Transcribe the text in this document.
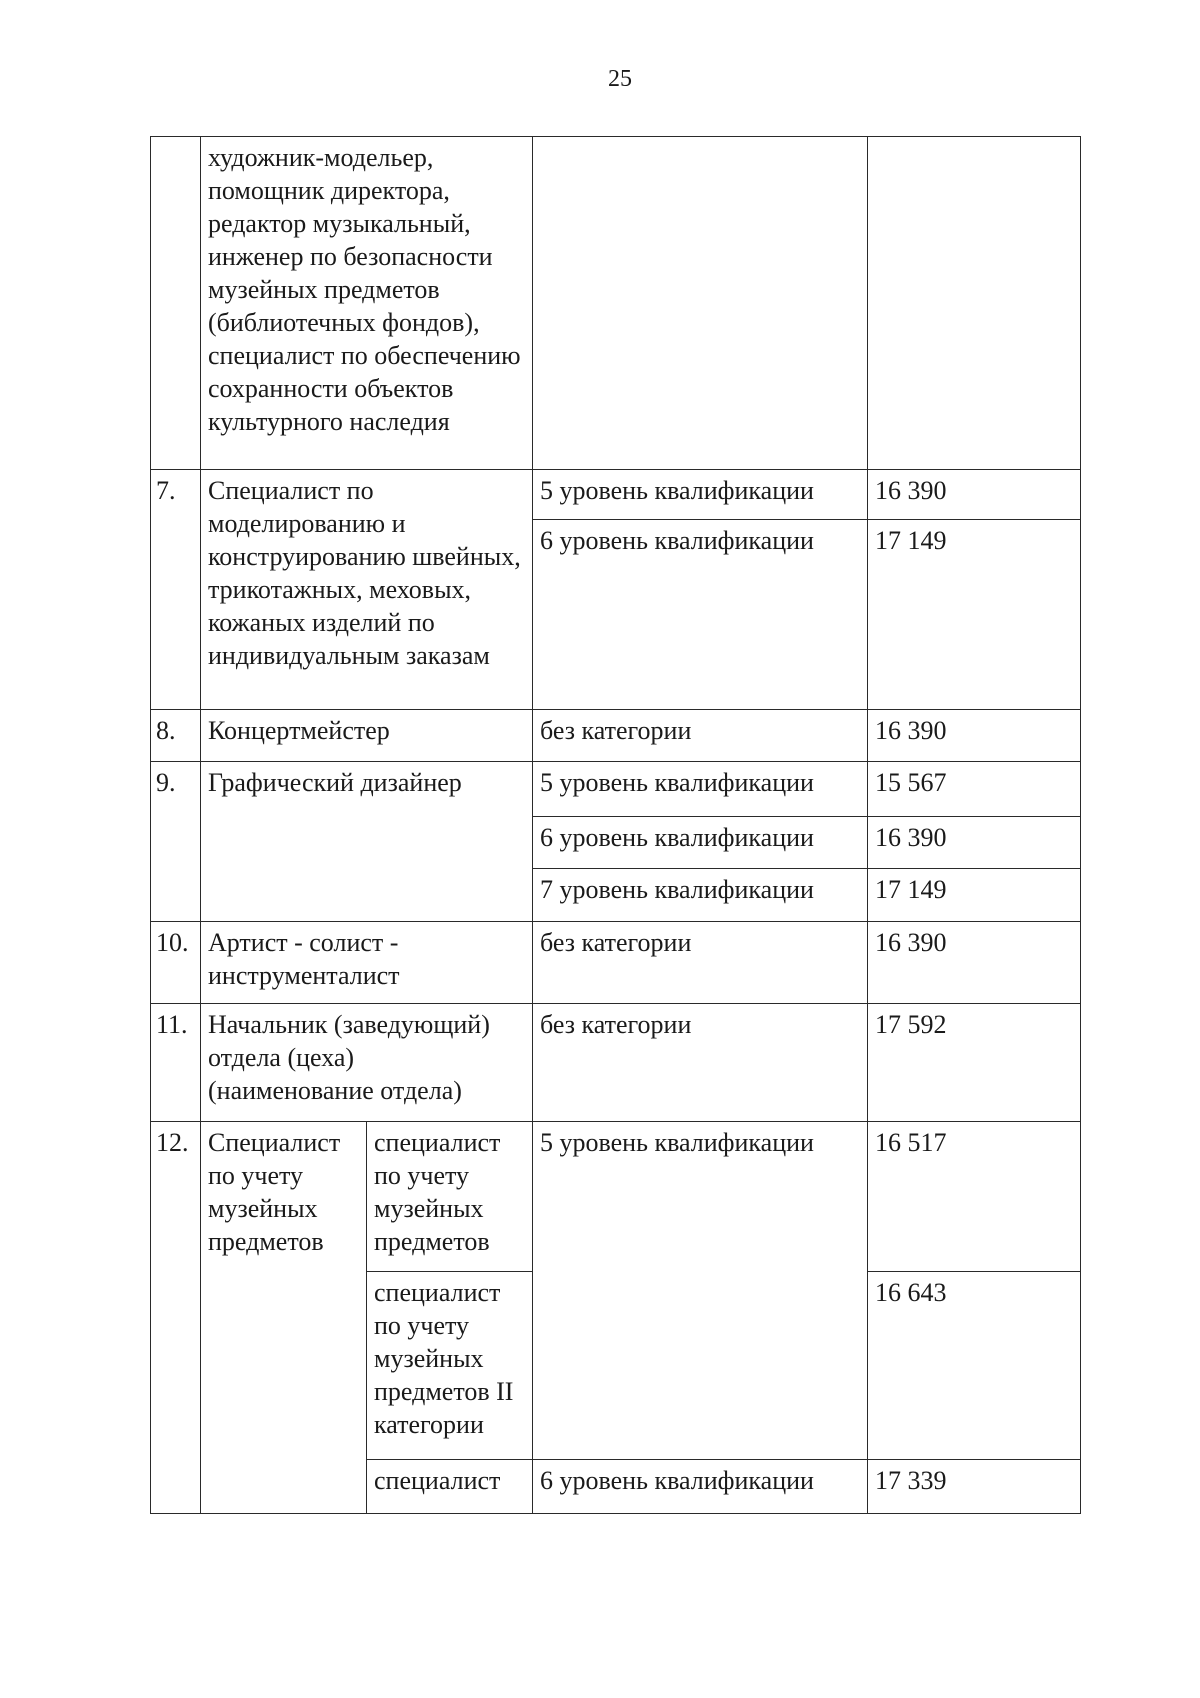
25
	художник-модельер, помощник директора, редактор музыкальный, инженер по безопасности музейных предметов (библиотечных фондов), специалист по обеспечению сохранности объектов культурного наследия			
7.	Специалист по моделированию и конструированию швейных, трикотажных, меховых, кожаных изделий по индивидуальным заказам		5 уровень квалификации	16 390
			6 уровень квалификации	17 149
8.	Концертмейстер		без категории	16 390
9.	Графический дизайнер		5 уровень квалификации	15 567
			6 уровень квалификации	16 390
			7 уровень квалификации	17 149
10.	Артист - солист - инструменталист		без категории	16 390
11.	Начальник (заведующий) отдела (цеха) (наименование отдела)		без категории	17 592
12.	Специалист по учету музейных предметов	специалист по учету музейных предметов	5 уровень квалификации	16 517
		специалист по учету музейных предметов II категории		16 643
		специалист	6 уровень квалификации	17 339
